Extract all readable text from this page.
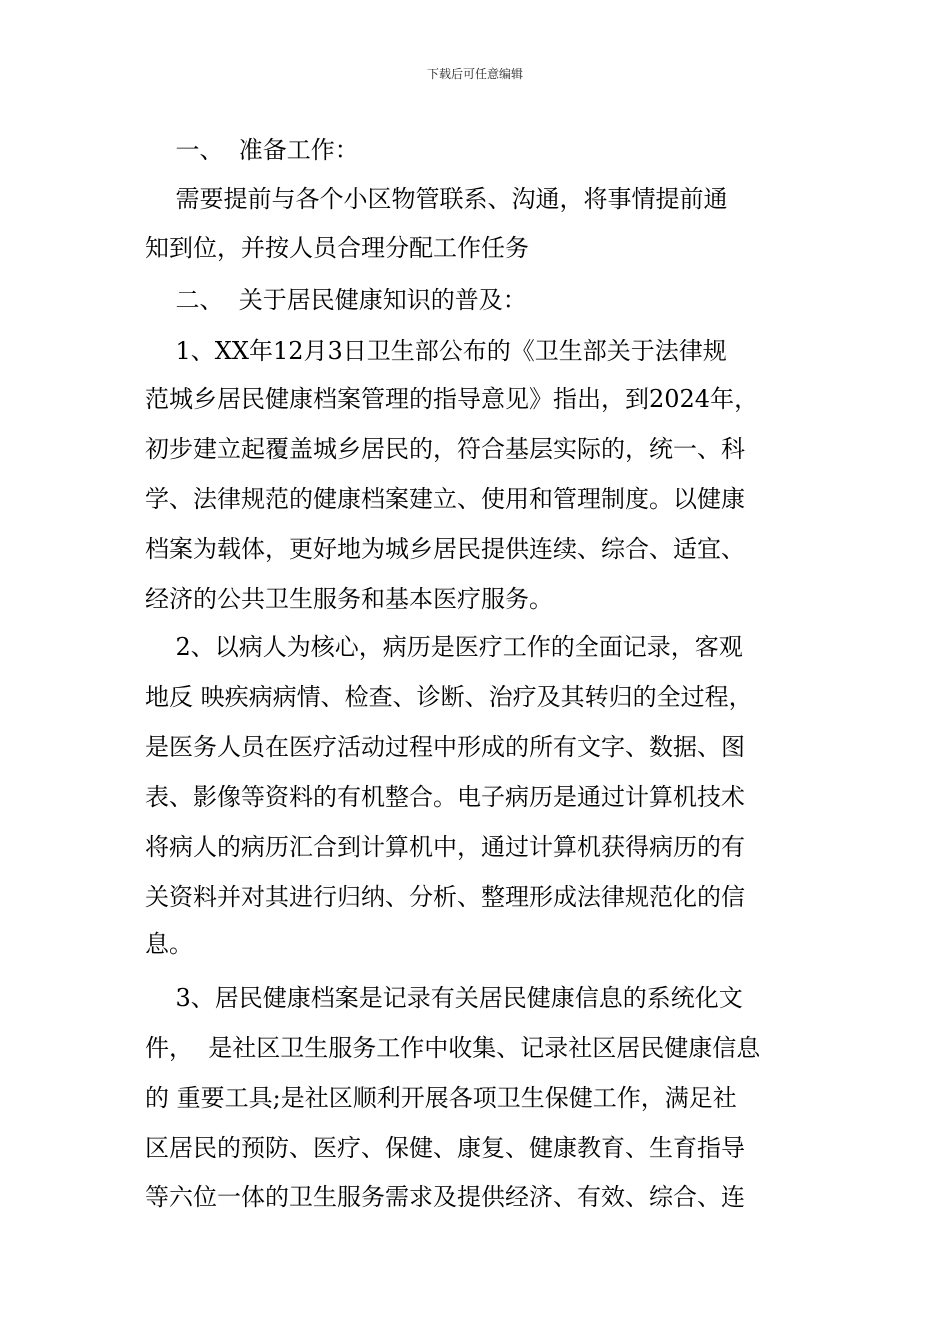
下载后可任意编辑
一、  准备工作：
需要提前与各个小区物管联系、沟通，将事情提前通
知到位，并按人员合理分配工作任务
二、  关于居民健康知识的普及：
1、XX年12月3日卫生部公布的《卫生部关于法律规
范城乡居民健康档案管理的指导意见》指出，到2024年，
初步建立起覆盖城乡居民的，符合基层实际的，统一、科
学、法律规范的健康档案建立、使用和管理制度。以健康
档案为载体，更好地为城乡居民提供连续、综合、适宜、
经济的公共卫生服务和基本医疗服务。
2、以病人为核心，病历是医疗工作的全面记录，客观
地反 映疾病病情、检查、诊断、治疗及其转归的全过程，
是医务人员在医疗活动过程中形成的所有文字、数据、图
表、影像等资料的有机整合。电子病历是通过计算机技术
将病人的病历汇合到计算机中，通过计算机获得病历的有
关资料并对其进行归纳、分析、整理形成法律规范化的信
息。
3、居民健康档案是记录有关居民健康信息的系统化文
件，  是社区卫生服务工作中收集、记录社区居民健康信息
的 重要工具;是社区顺利开展各项卫生保健工作，满足社
区居民的预防、医疗、保健、康复、健康教育、生育指导
等六位一体的卫生服务需求及提供经济、有效、综合、连
